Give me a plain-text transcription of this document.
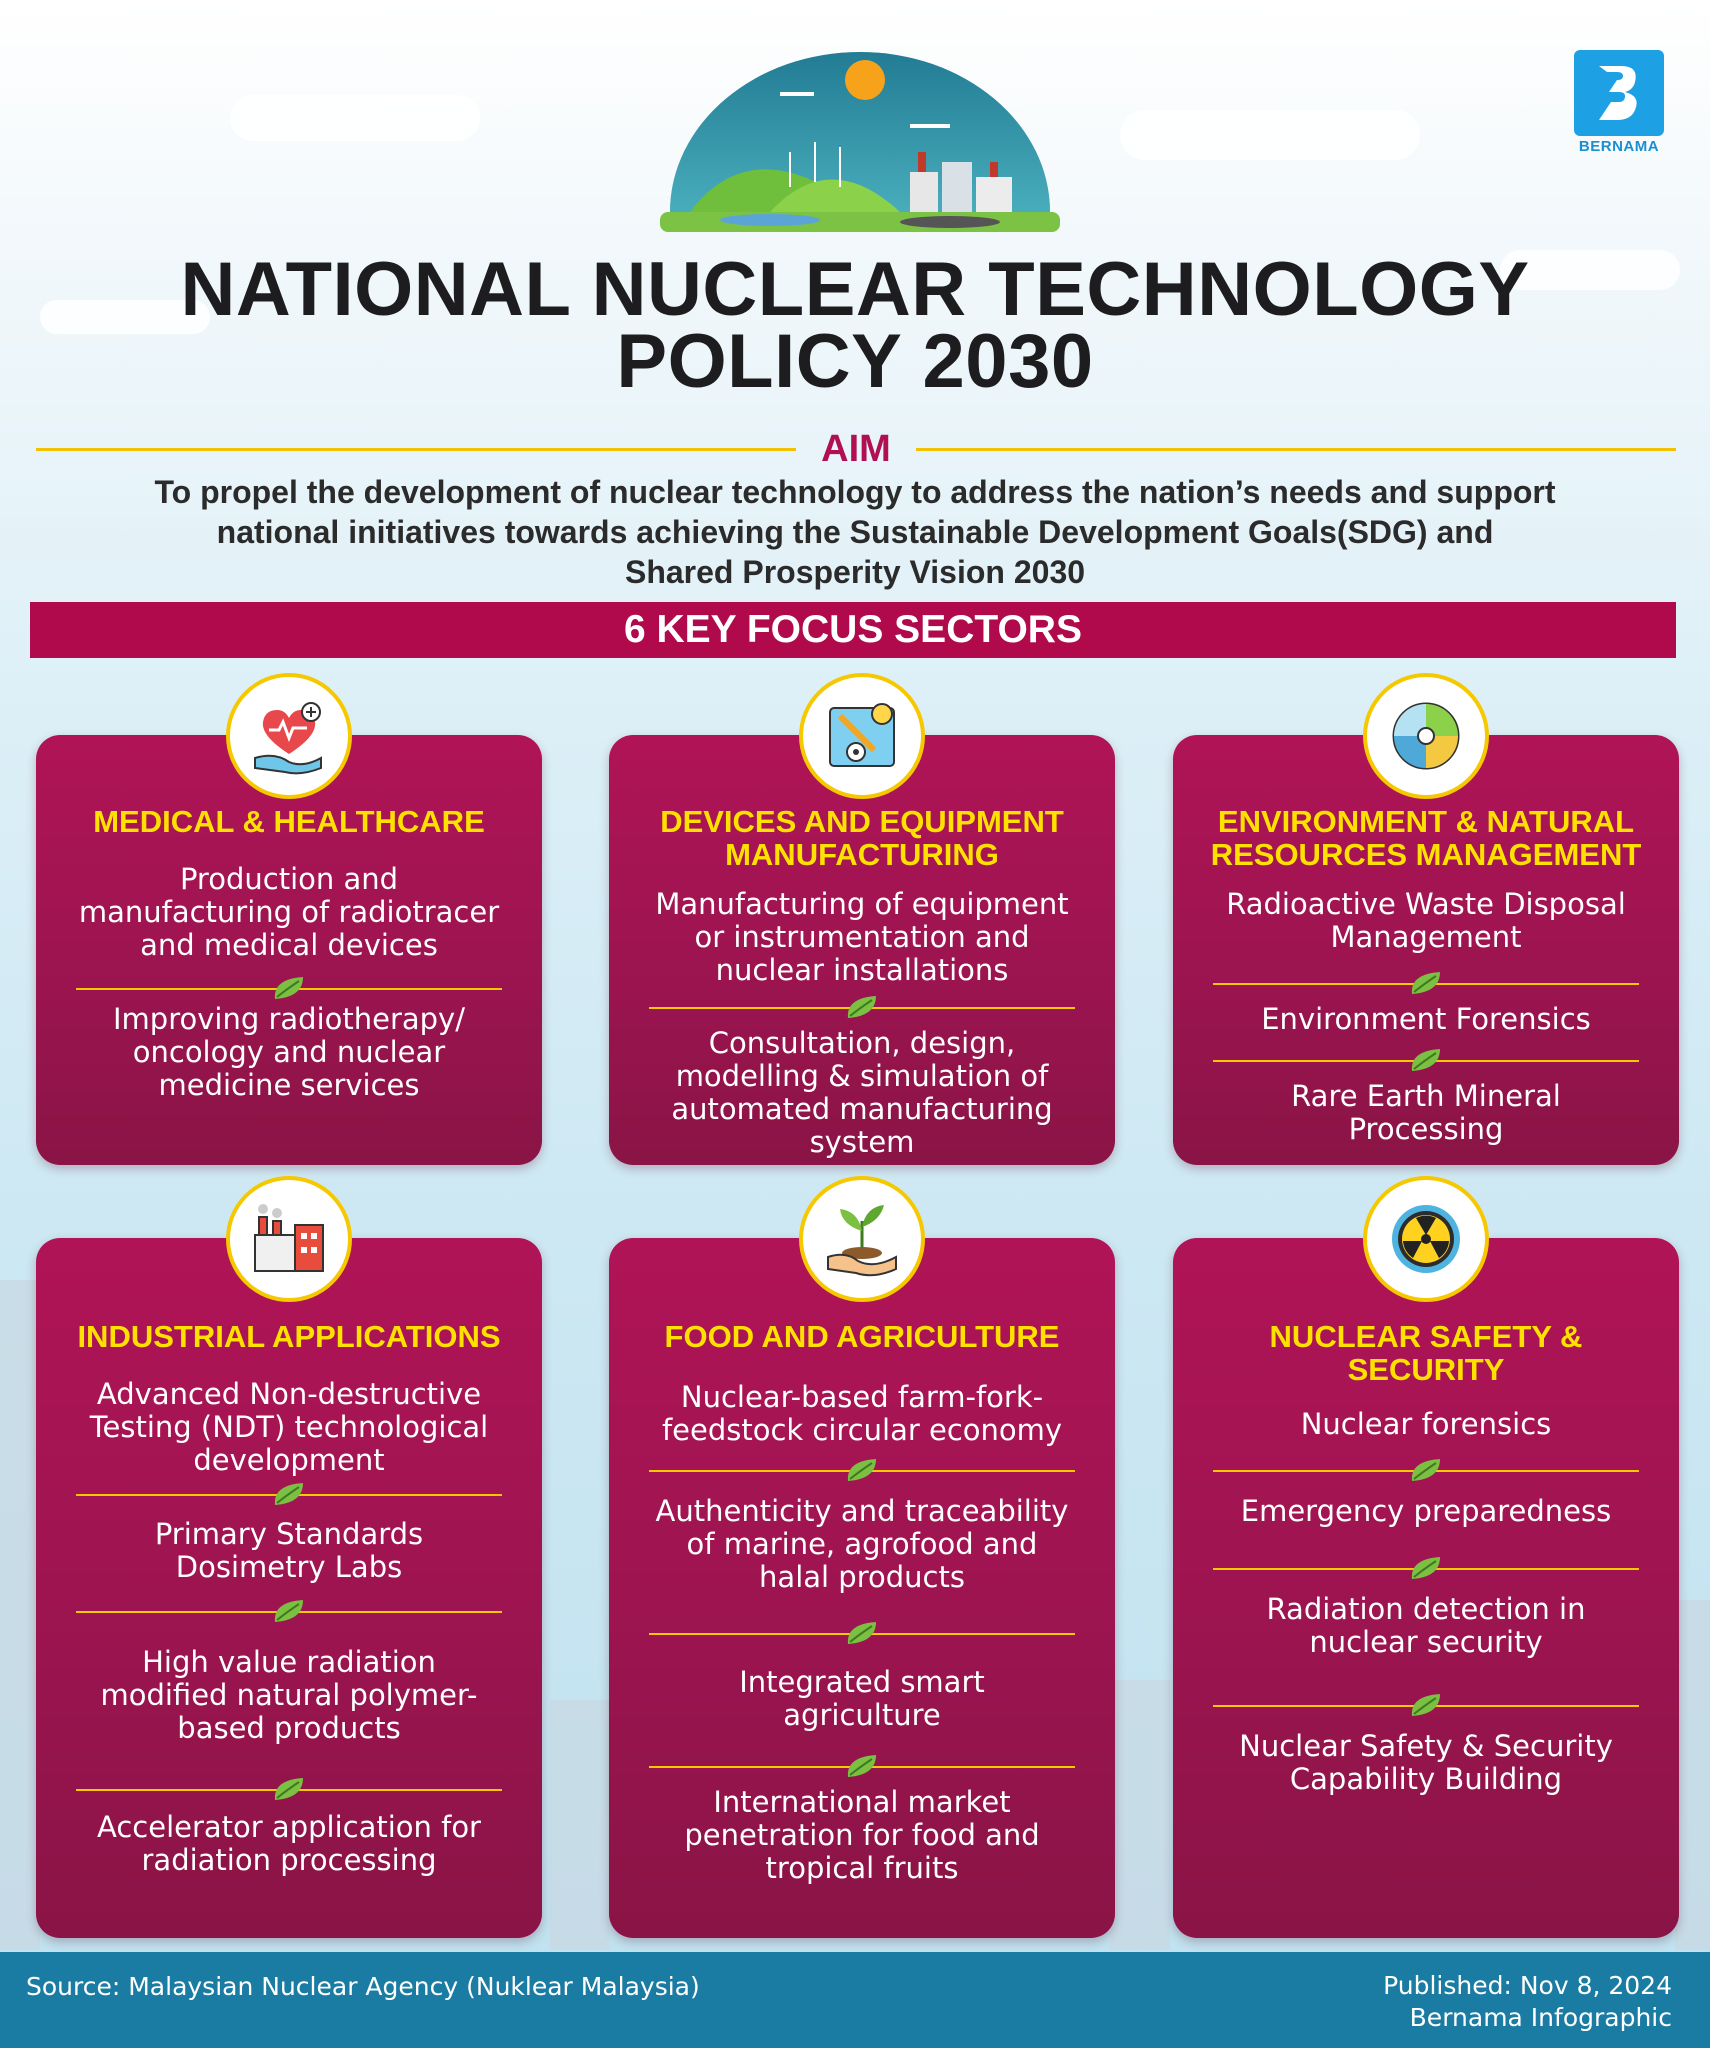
BERNAMA
NATIONAL NUCLEAR TECHNOLOGY
POLICY 2030
AIM
To propel the development of nuclear technology to address the nation’s needs and support
national initiatives towards achieving the Sustainable Development Goals(SDG) and
Shared Prosperity Vision 2030
6 KEY FOCUS SECTORS
MEDICAL & HEALTHCARE
Production and
manufacturing of radiotracer
and medical devices
Improving radiotherapy/
oncology and nuclear
medicine services
DEVICES AND EQUIPMENT
MANUFACTURING
Manufacturing of equipment
or instrumentation and
nuclear installations
Consultation, design,
modelling & simulation of
automated manufacturing
system
ENVIRONMENT & NATURAL
RESOURCES MANAGEMENT
Radioactive Waste Disposal
Management
Environment Forensics
Rare Earth Mineral
Processing
INDUSTRIAL APPLICATIONS
Advanced Non-destructive
Testing (NDT) technological
development
Primary Standards
Dosimetry Labs
High value radiation
modified natural polymer-
based products
Accelerator application for
radiation processing
FOOD AND AGRICULTURE
Nuclear-based farm-fork-
feedstock circular economy
Authenticity and traceability
of marine, agrofood and
halal products
Integrated smart
agriculture
International market
penetration for food and
tropical fruits
NUCLEAR SAFETY &
SECURITY
Nuclear forensics
Emergency preparedness
Radiation detection in
nuclear security
Nuclear Safety & Security
Capability Building
Source: Malaysian Nuclear Agency (Nuklear Malaysia)	Published: Nov 8, 2024
Bernama Infographic
